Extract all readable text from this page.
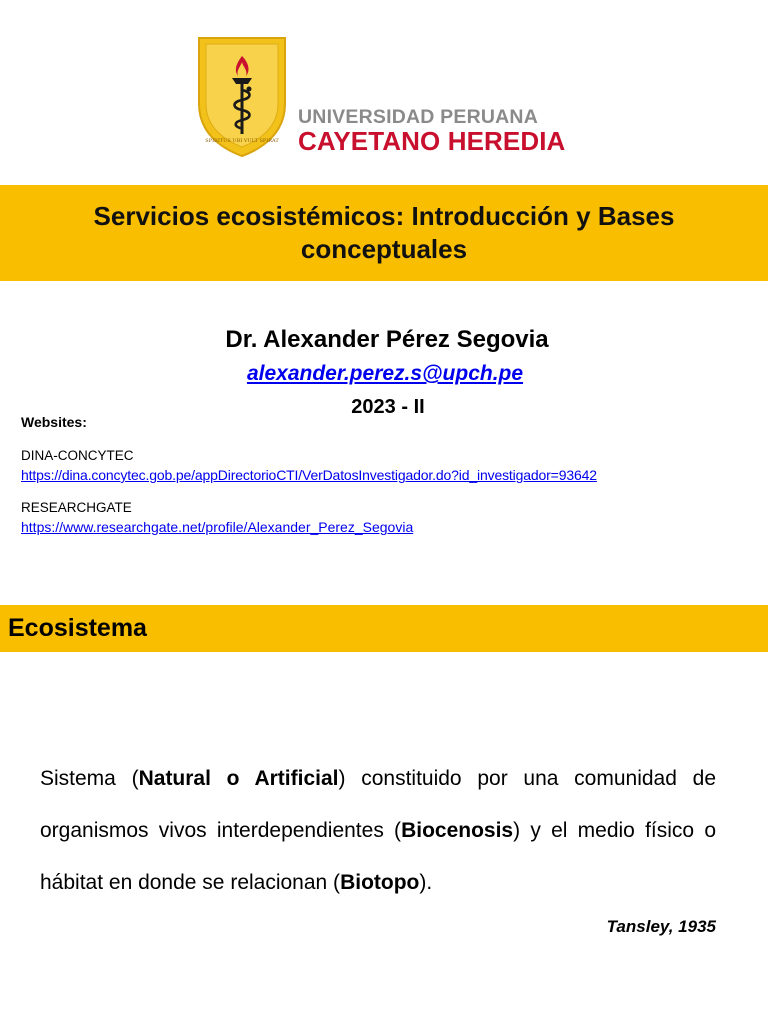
SPIRITUS UBI VULT SPIRAT
UNIVERSIDAD PERUANA
CAYETANO HEREDIA
Servicios ecosistémicos: Introducción y Bases conceptuales
Dr. Alexander Pérez Segovia
alexander.perez.s@upch.pe
2023 - II
Websites:
DINA-CONCYTEC
https://dina.concytec.gob.pe/appDirectorioCTI/VerDatosInvestigador.do?id_investigador=93642
RESEARCHGATE
https://www.researchgate.net/profile/Alexander_Perez_Segovia
Ecosistema

Sistema (Natural o Artificial) constituido por una comunidad de organismos vivos interdependientes (Biocenosis) y el medio físico o hábitat en donde se relacionan (Biotopo).

Tansley, 1935
